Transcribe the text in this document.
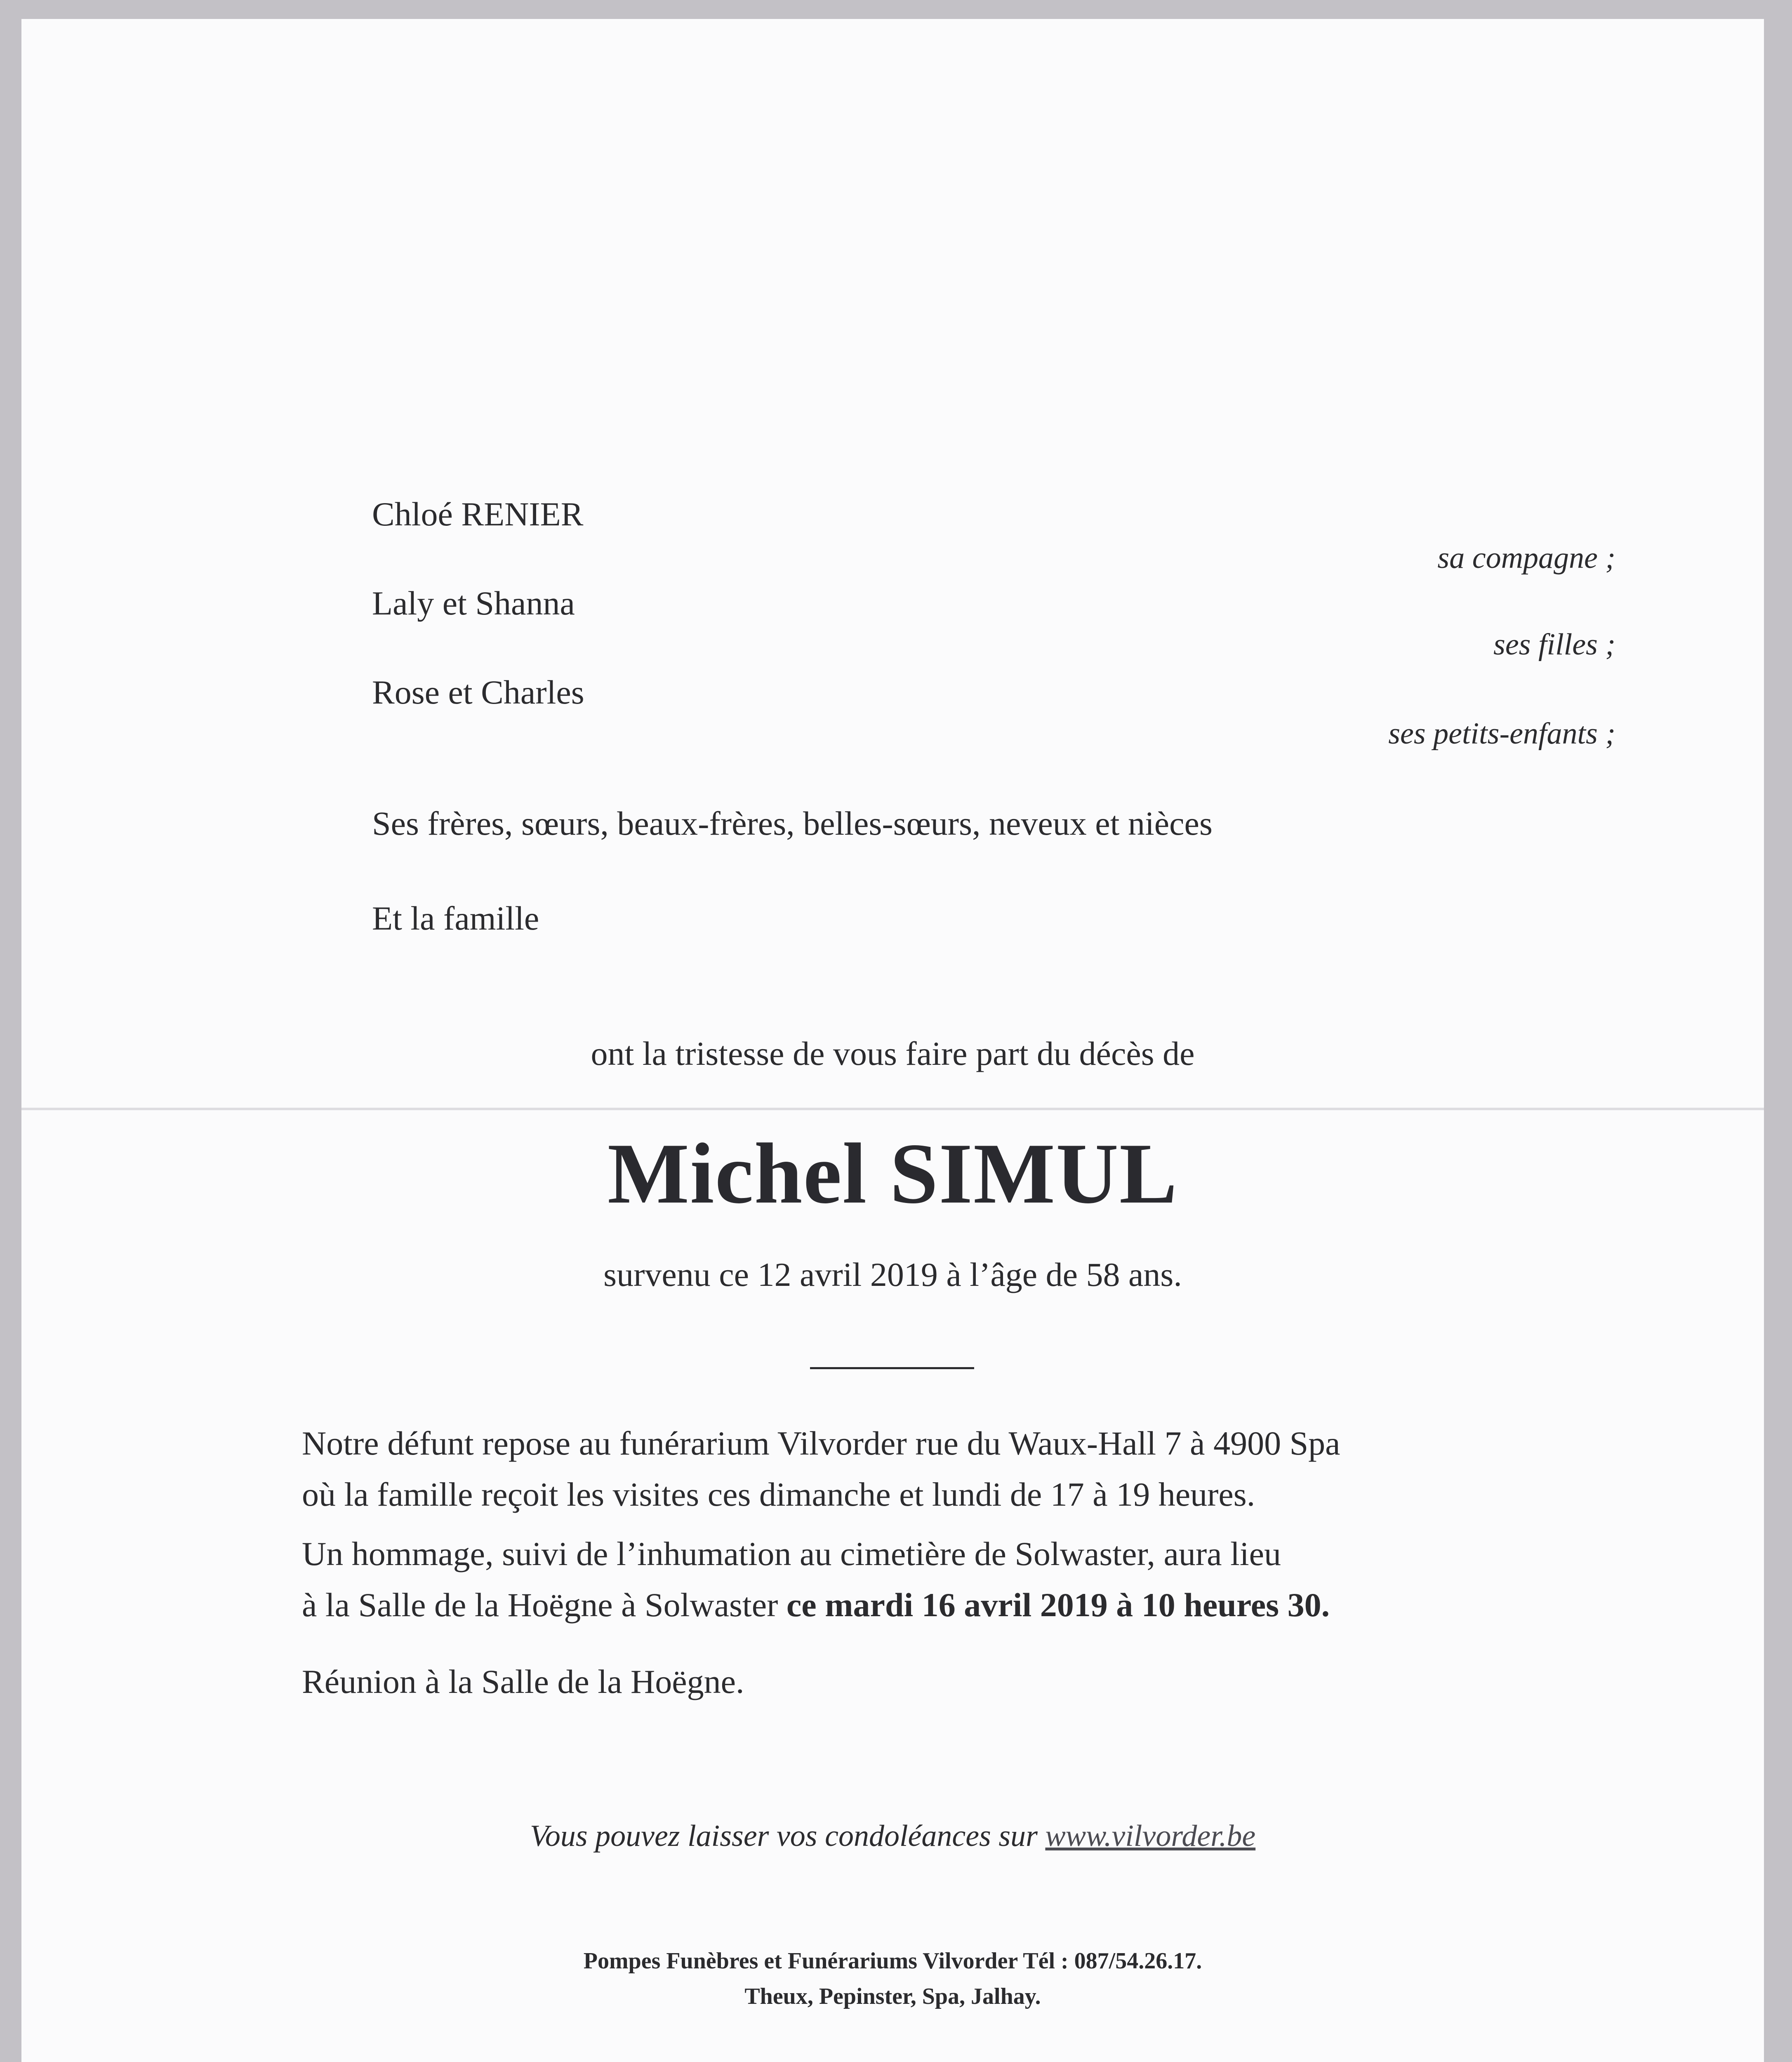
Chloé RENIER
sa compagne ;
Laly et Shanna
ses filles ;
Rose et Charles
ses petits-enfants ;
Ses frères, sœurs, beaux-frères, belles-sœurs, neveux et nièces
Et la famille
ont la tristesse de vous faire part du décès de
Michel SIMUL
survenu ce 12 avril 2019 à l’âge de 58 ans.
Notre défunt repose au funérarium Vilvorder rue du Waux-Hall 7 à 4900 Spa
où la famille reçoit les visites ces dimanche et lundi de 17 à 19 heures.
Un hommage, suivi de l’inhumation au cimetière de Solwaster, aura lieu
à la Salle de la Hoëgne à Solwaster ce mardi 16 avril 2019 à 10 heures 30.
Réunion à la Salle de la Hoëgne.
Vous pouvez laisser vos condoléances sur www.vilvorder.be
Pompes Funèbres et Funérariums Vilvorder Tél : 087/54.26.17.
Theux, Pepinster, Spa, Jalhay.
